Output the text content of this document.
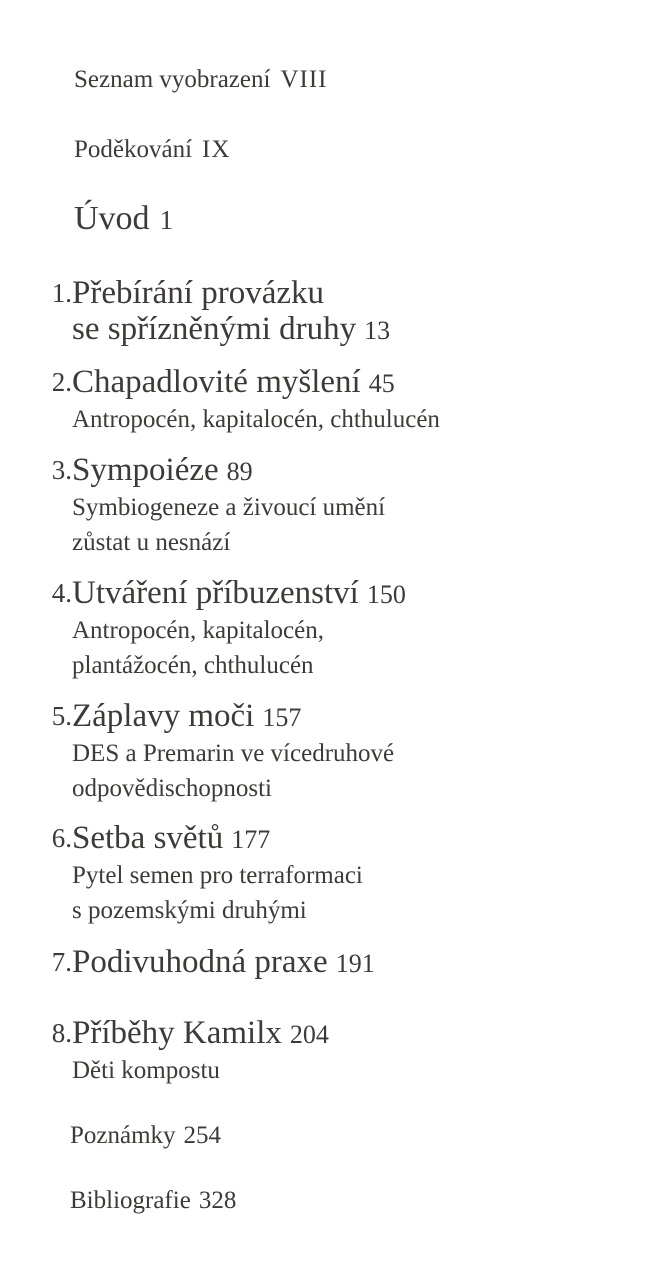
Seznam vyobrazení VIII
Poděkování IX
Úvod 1
1. Přebírání provázku
se spřízněnými druhy 13
2. Chapadlovité myšlení 45
Antropocén, kapitalocén, chthulucén
3. Sympoiéze 89
Symbiogeneze a živoucí umění
zůstat u nesnází
4. Utváření příbuzenství 150
Antropocén, kapitalocén,
plantážocén, chthulucén
5. Záplavy moči 157
DES a Premarin ve vícedruhové
odpovědischopnosti
6. Setba světů 177
Pytel semen pro terraformaci
s pozemskými druhými
7. Podivuhodná praxe 191
8. Příběhy Kamilx 204
Děti kompostu
Poznámky 254
Bibliografie 328
